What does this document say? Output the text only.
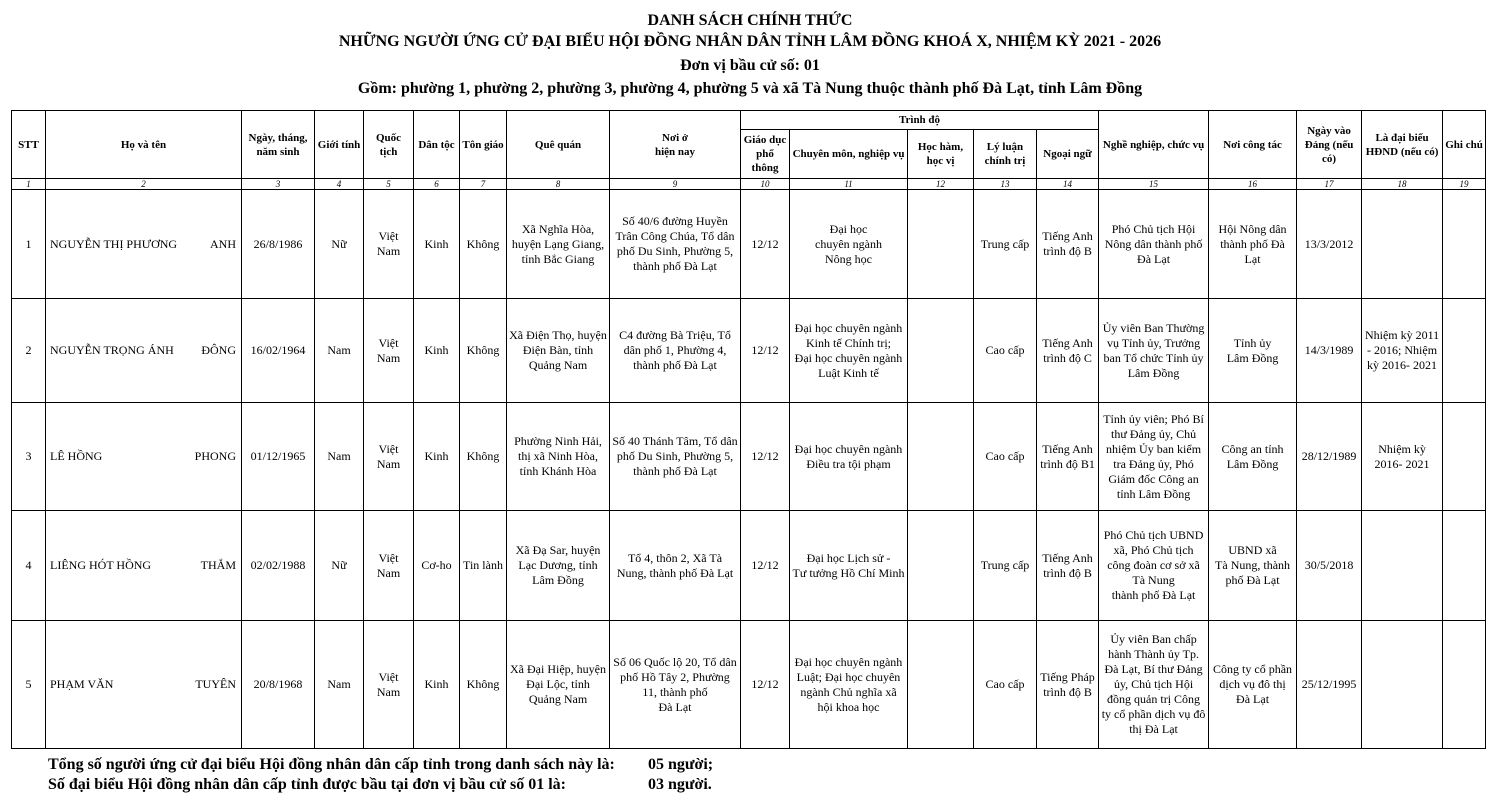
DANH SÁCH CHÍNH THỨC
NHỮNG NGƯỜI ỨNG CỬ ĐẠI BIỂU HỘI ĐỒNG NHÂN DÂN TỈNH LÂM ĐỒNG KHOÁ X, NHIỆM KỲ 2021 - 2026
Đơn vị bầu cử số: 01
Gồm: phường 1, phường 2, phường 3, phường 4, phường 5 và xã Tà Nung thuộc thành phố Đà Lạt, tỉnh Lâm Đồng
STT	Họ và tên	Ngày, tháng, năm sinh	Giới tính	Quốc tịch	Dân tộc	Tôn giáo	Quê quán	Nơi ở
hiện nay	Trình độ					Nghề nghiệp, chức vụ	Nơi công tác	Ngày vào Đảng (nếu có)	Là đại biểu HĐND (nếu có)	Ghi chú
									Giáo dục phổ thông	Chuyên môn, nghiệp vụ	Học hàm, học vị	Lý luận chính trị	Ngoại ngữ					
1	2	3	4	5	6	7	8	9	10	11	12	13	14	15	16	17	18	19
1	NGUYỄN THỊ PHƯƠNG ANH	26/8/1986	Nữ	Việt Nam	Kinh	Không	Xã Nghĩa Hòa, huyện Lạng Giang, tỉnh Bắc Giang	Số 40/6 đường Huyền Trân Công Chúa, Tổ dân phố Du Sinh, Phường 5, thành phố Đà Lạt	12/12	Đại học
chuyên ngành
Nông học		Trung cấp	Tiếng Anh trình độ B	Phó Chủ tịch Hội Nông dân thành phố Đà Lạt	Hội Nông dân thành phố Đà Lạt	13/3/2012		
2	NGUYỄN TRỌNG ÁNH ĐÔNG	16/02/1964	Nam	Việt Nam	Kinh	Không	Xã Điện Thọ, huyện Điện Bàn, tỉnh Quảng Nam	C4 đường Bà Triệu, Tổ dân phố 1, Phường 4, thành phố Đà Lạt	12/12	Đại học chuyên ngành Kinh tế Chính trị;
Đại học chuyên ngành Luật Kinh tế		Cao cấp	Tiếng Anh trình độ C	Ủy viên Ban Thường vụ Tỉnh ủy, Trưởng ban Tổ chức Tỉnh ủy Lâm Đồng	Tỉnh ủy
Lâm Đồng	14/3/1989	Nhiệm kỳ 2011 - 2016; Nhiệm kỳ 2016- 2021	
3	LÊ HỒNG PHONG	01/12/1965	Nam	Việt Nam	Kinh	Không	Phường Ninh Hải, thị xã Ninh Hòa, tỉnh Khánh Hòa	Số 40 Thánh Tâm, Tổ dân phố Du Sinh, Phường 5, thành phố Đà Lạt	12/12	Đại học chuyên ngành Điều tra tội phạm		Cao cấp	Tiếng Anh trình độ B1	Tỉnh ủy viên; Phó Bí thư Đảng ủy, Chủ nhiệm Ủy ban kiểm tra Đảng ủy, Phó Giám đốc Công an tỉnh Lâm Đồng	Công an tỉnh Lâm Đồng	28/12/1989	Nhiệm kỳ 2016- 2021	
4	LIÊNG HÓT HỒNG THẮM	02/02/1988	Nữ	Việt Nam	Cơ-ho	Tin lành	Xã Đạ Sar, huyện Lạc Dương, tỉnh Lâm Đồng	Tổ 4, thôn 2, Xã Tà Nung, thành phố Đà Lạt	12/12	Đại học Lịch sử -
Tư tưởng Hồ Chí Minh		Trung cấp	Tiếng Anh trình độ B	Phó Chủ tịch UBND xã, Phó Chủ tịch công đoàn cơ sở xã Tà Nung
thành phố Đà Lạt	UBND xã
Tà Nung, thành phố Đà Lạt	30/5/2018		
5	PHẠM VĂN TUYÊN	20/8/1968	Nam	Việt Nam	Kinh	Không	Xã Đại Hiệp, huyện Đại Lộc, tỉnh Quảng Nam	Số 06 Quốc lộ 20, Tổ dân phố Hồ Tây 2, Phường 11, thành phố
Đà Lạt	12/12	Đại học chuyên ngành Luật; Đại học chuyên ngành Chủ nghĩa xã hội khoa học		Cao cấp	Tiếng Pháp trình độ B	Ủy viên Ban chấp hành Thành ủy Tp. Đà Lạt, Bí thư Đảng ủy, Chủ tịch Hội đồng quản trị Công ty cổ phần dịch vụ đô thị Đà Lạt	Công ty cổ phần dịch vụ đô thị Đà Lạt	25/12/1995		
Tổng số người ứng cử đại biểu Hội đồng nhân dân cấp tỉnh trong danh sách này là: 05 người;
Số đại biểu Hội đồng nhân dân cấp tỉnh được bầu tại đơn vị bầu cử số 01 là:	03 người.
